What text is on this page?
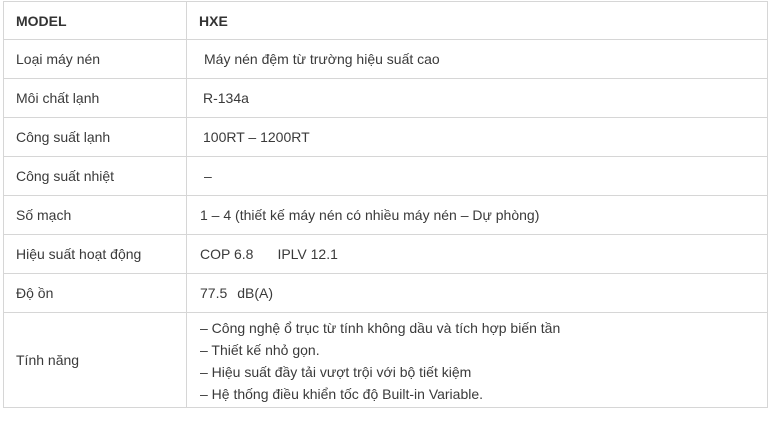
MODEL	HXE
Loại máy nén	Máy nén đệm từ trường hiệu suất cao
Môi chất lạnh	R-134a
Công suất lạnh	100RT – 1200RT
Công suất nhiệt	–
Số mạch	1 – 4 (thiết kế máy nén có nhiều máy nén – Dự phòng)
Hiệu suất hoạt động	COP 6.8 IPLV 12.1
Độ ồn	77.5 dB(A)
Tính năng	– Công nghệ ổ trục từ tính không dầu và tích hợp biến tần
– Thiết kế nhỏ gọn.
– Hiệu suất đầy tải vượt trội với bộ tiết kiệm
– Hệ thống điều khiển tốc độ Built-in Variable.
